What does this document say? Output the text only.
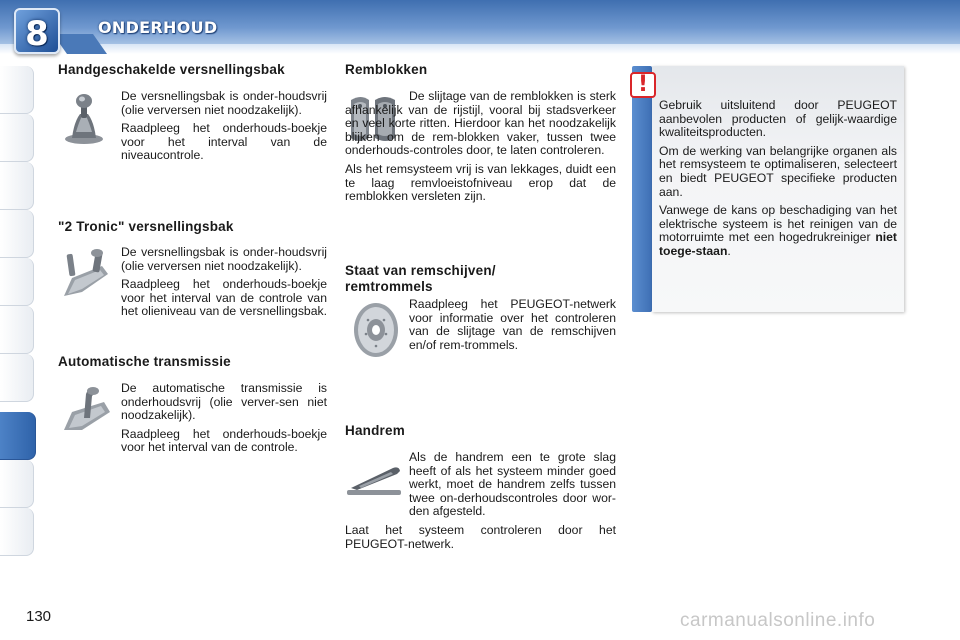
8	ONDERHOUD
Handgeschakelde versnellingsbak

De versnellingsbak is onder-houdsvrij (olie verversen niet noodzakelijk).

Raadpleeg het onderhouds-boekje voor het interval van de niveaucontrole.

"2 Tronic" versnellingsbak

De versnellingsbak is onder-houdsvrij (olie verversen niet noodzakelijk).

Raadpleeg het onderhouds-boekje voor het interval van de controle van het olieniveau van de versnellingsbak.

Automatische transmissie

De automatische transmissie is onderhoudsvrij (olie verver-sen niet noodzakelijk).

Raadpleeg het onderhouds-boekje voor het interval van de controle.

Remblokken

De slijtage van de remblokken is sterk afhankelijk van de rijstijl, vooral bij stadsverkeer en veel korte ritten. Hierdoor kan het noodzakelijk blijken om de rem-blokken vaker, tussen twee onderhouds-controles door, te laten controleren.

Als het remsysteem vrij is van lekkages, duidt een te laag remvloeistofniveau erop dat de remblokken versleten zijn.

Staat van remschijven/ remtrommels

Raadpleeg het PEUGEOT-netwerk voor informatie over het controleren van de slijtage van de remschijven en/of rem-trommels.

Handrem

Als de handrem een te grote slag heeft of als het systeem minder goed werkt, moet de handrem zelfs tussen twee on-derhoudscontroles door wor-den afgesteld.

Laat het systeem controleren door het PEUGEOT-netwerk.

!

Gebruik uitsluitend door PEUGEOT aanbevolen producten of gelijk-waardige kwaliteitsproducten.

Om de werking van belangrijke organen als het remsysteem te optimaliseren, selecteert en biedt PEUGEOT specifieke producten aan.

Vanwege de kans op beschadiging van het elektrische systeem is het reinigen van de motorruimte met een hogedrukreiniger niet toege-staan.

130	carmanualsonline.info
